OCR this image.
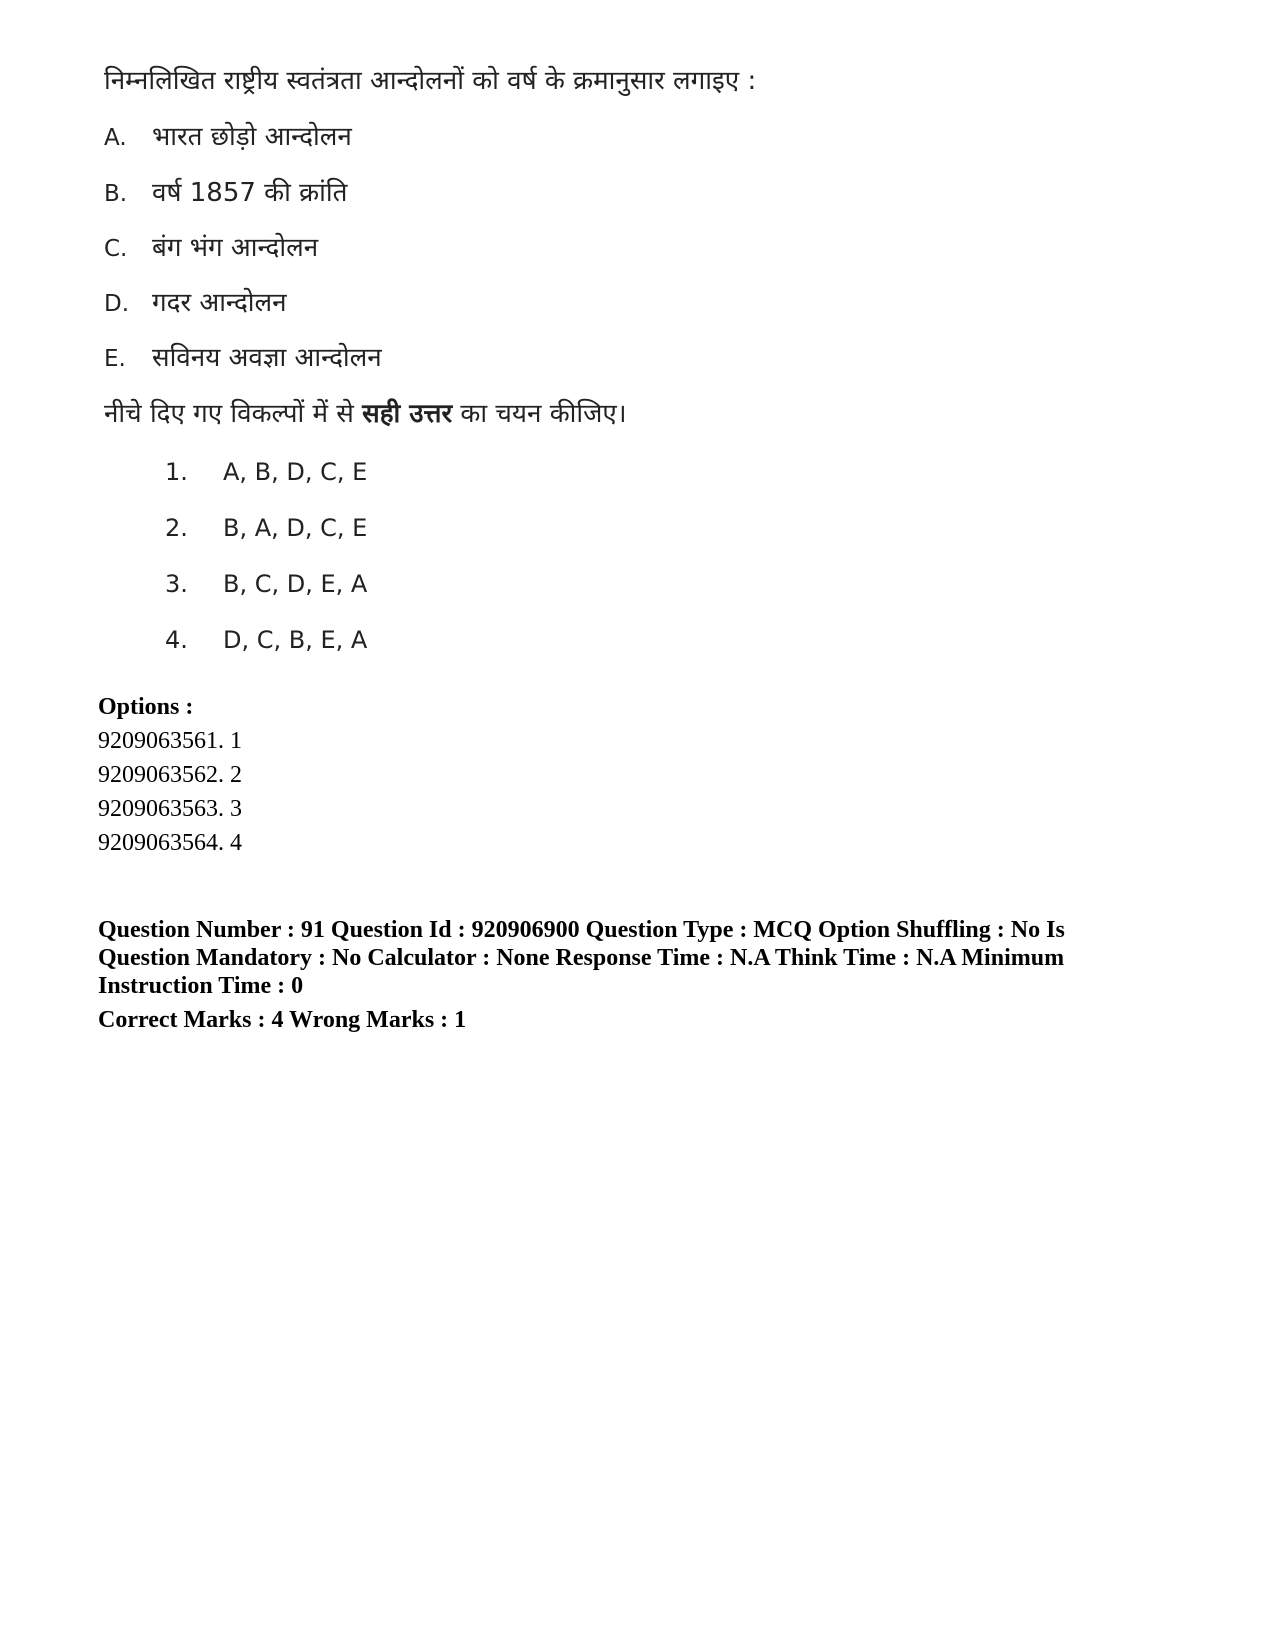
निम्नलिखित राष्ट्रीय स्वतंत्रता आन्दोलनों को वर्ष के क्रमानुसार लगाइए :
A. भारत छोड़ो आन्दोलन
B. वर्ष 1857 की क्रांति
C. बंग भंग आन्दोलन
D. गदर आन्दोलन
E. सविनय अवज्ञा आन्दोलन
नीचे दिए गए विकल्पों में से सही उत्तर का चयन कीजिए।
1. A, B, D, C, E
2. B, A, D, C, E
3. B, C, D, E, A
4. D, C, B, E, A
Options :
9209063561. 1
9209063562. 2
9209063563. 3
9209063564. 4
Question Number : 91 Question Id : 920906900 Question Type : MCQ Option Shuffling : No Is
Question Mandatory : No Calculator : None Response Time : N.A Think Time : N.A Minimum
Instruction Time : 0
Correct Marks : 4 Wrong Marks : 1
